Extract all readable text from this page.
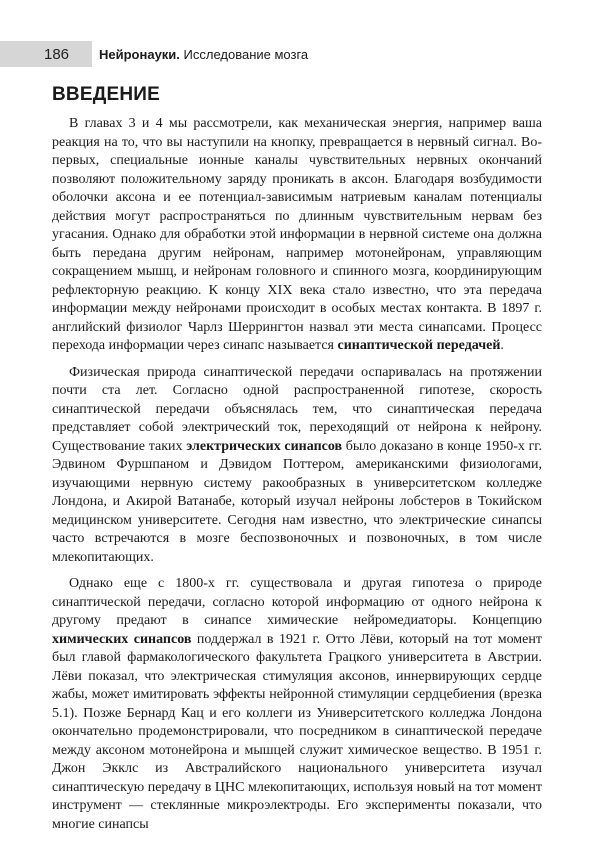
186	Нейронауки. Исследование мозга
ВВЕДЕНИЕ

В главах 3 и 4 мы рассмотрели, как механическая энергия, например ваша реакция на то, что вы наступили на кнопку, превращается в нервный сигнал. Во-первых, специальные ионные каналы чувствительных нервных окончаний позволяют положительному заряду проникать в аксон. Благодаря возбудимости оболочки аксона и ее потенциал-зависимым натриевым каналам потенциалы действия могут распространяться по длинным чувствительным нервам без угасания. Однако для обработки этой информации в нервной системе она должна быть передана другим нейронам, например мотонейронам, управляющим сокращением мышц, и нейронам головного и спинного мозга, координирующим рефлекторную реакцию. К концу XIX века стало известно, что эта передача информации между нейронами происходит в особых местах контакта. В 1897 г. английский физиолог Чарлз Шеррингтон назвал эти места синапсами. Процесс перехода информации через синапс называется синаптической передачей.

Физическая природа синаптической передачи оспаривалась на протяжении почти ста лет. Согласно одной распространенной гипотезе, скорость синаптической передачи объяснялась тем, что синаптическая передача представляет собой электрический ток, переходящий от нейрона к нейрону. Существование таких электрических синапсов было доказано в конце 1950-х гг. Эдвином Фуршпаном и Дэвидом Поттером, американскими физиологами, изучающими нервную систему ракообразных в университетском колледже Лондона, и Акирой Ватанабе, который изучал нейроны лобстеров в Токийском медицинском университете. Сегодня нам известно, что электрические синапсы часто встречаются в мозге беспозвоночных и позвоночных, в том числе млекопитающих.

Однако еще с 1800-х гг. существовала и другая гипотеза о природе синаптической передачи, согласно которой информацию от одного нейрона к другому предают в синапсе химические нейромедиаторы. Концепцию химических синапсов поддержал в 1921 г. Отто Лёви, который на тот момент был главой фармакологического факультета Грацкого университета в Австрии. Лёви показал, что электрическая стимуляция аксонов, иннервирующих сердце жабы, может имитировать эффекты нейронной стимуляции сердцебиения (врезка 5.1). Позже Бернард Кац и его коллеги из Университетского колледжа Лондона окончательно продемонстрировали, что посредником в синаптической передаче между аксоном мотонейрона и мышцей служит химическое вещество. В 1951 г. Джон Экклс из Австралийского национального университета изучал синаптическую передачу в ЦНС млекопитающих, используя новый на тот момент инструмент — стеклянные микроэлектроды. Его эксперименты показали, что многие синапсы
